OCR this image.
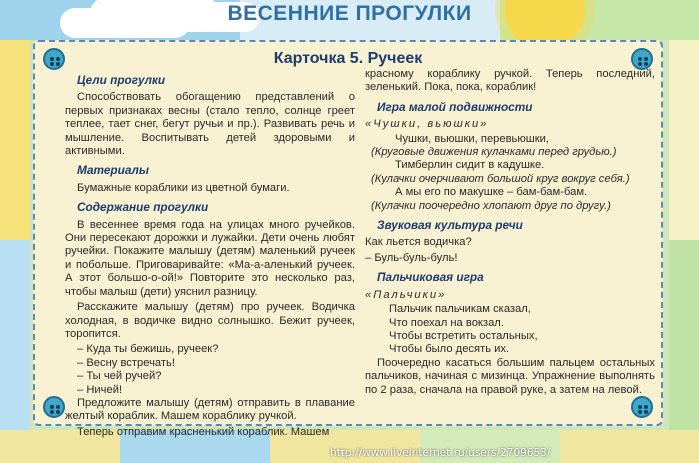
ВЕСЕННИЕ ПРОГУЛКИ
Карточка 5. Ручеек
Цели прогулки

Способствовать обогащению представлений о первых признаках весны (стало тепло, солнце греет теплее, тает снег, бегут ручьи и пр.). Развивать речь и мышление. Воспитывать детей здоровыми и активными.

Материалы

Бумажные кораблики из цветной бумаги.

Содержание прогулки

В весеннее время года на улицах много ручейков. Они пересекают дорожки и лужайки. Дети очень любят ручейки. Покажите малышу (детям) маленький ручеек и побольше. Приговаривайте: «Ма-а-аленький ручеек. А этот большо-о-ой!» Повторите это несколько раз, чтобы малыш (дети) уяснил разницу.

Расскажите малышу (детям) про ручеек. Водичка холодная, в водичке видно солнышко. Бежит ручеек, торопится.

– Куда ты бежишь, ручеек?

– Весну встречать!

– Ты чей ручей?

– Ничей!

Предложите малышу (детям) отправить в плавание желтый кораблик. Машем кораблику ручкой.

Теперь отправим красненький кораблик. Машем

красному кораблику ручкой. Теперь последний, зеленький. Пока, пока, кораблик!

Игра малой подвижности

«Чушки, вьюшки»

Чушки, вьюшки, перевьюшки,

(Круговые движения кулачками перед грудью.)

Тимберлин сидит в кадушке.

(Кулачки очерчивают большой круг вокруг себя.)

А мы его по макушке – бам-бам-бам.

(Кулачки поочередно хлопают друг по другу.)

Звуковая культура речи

Как льется водичка?

– Буль-буль-буль!

Пальчиковая игра

«Пальчики»

Пальчик пальчикам сказал,

Что поехал на вокзал.

Чтобы встретить остальных,

Чтобы было десять их.

Поочередно касаться большим пальцем остальных пальчиков, начиная с мизинца. Упражнение выполнять по 2 раза, сначала на правой руке, а затем на левой.

http://www.liveinternet.ru/users/2709653/
